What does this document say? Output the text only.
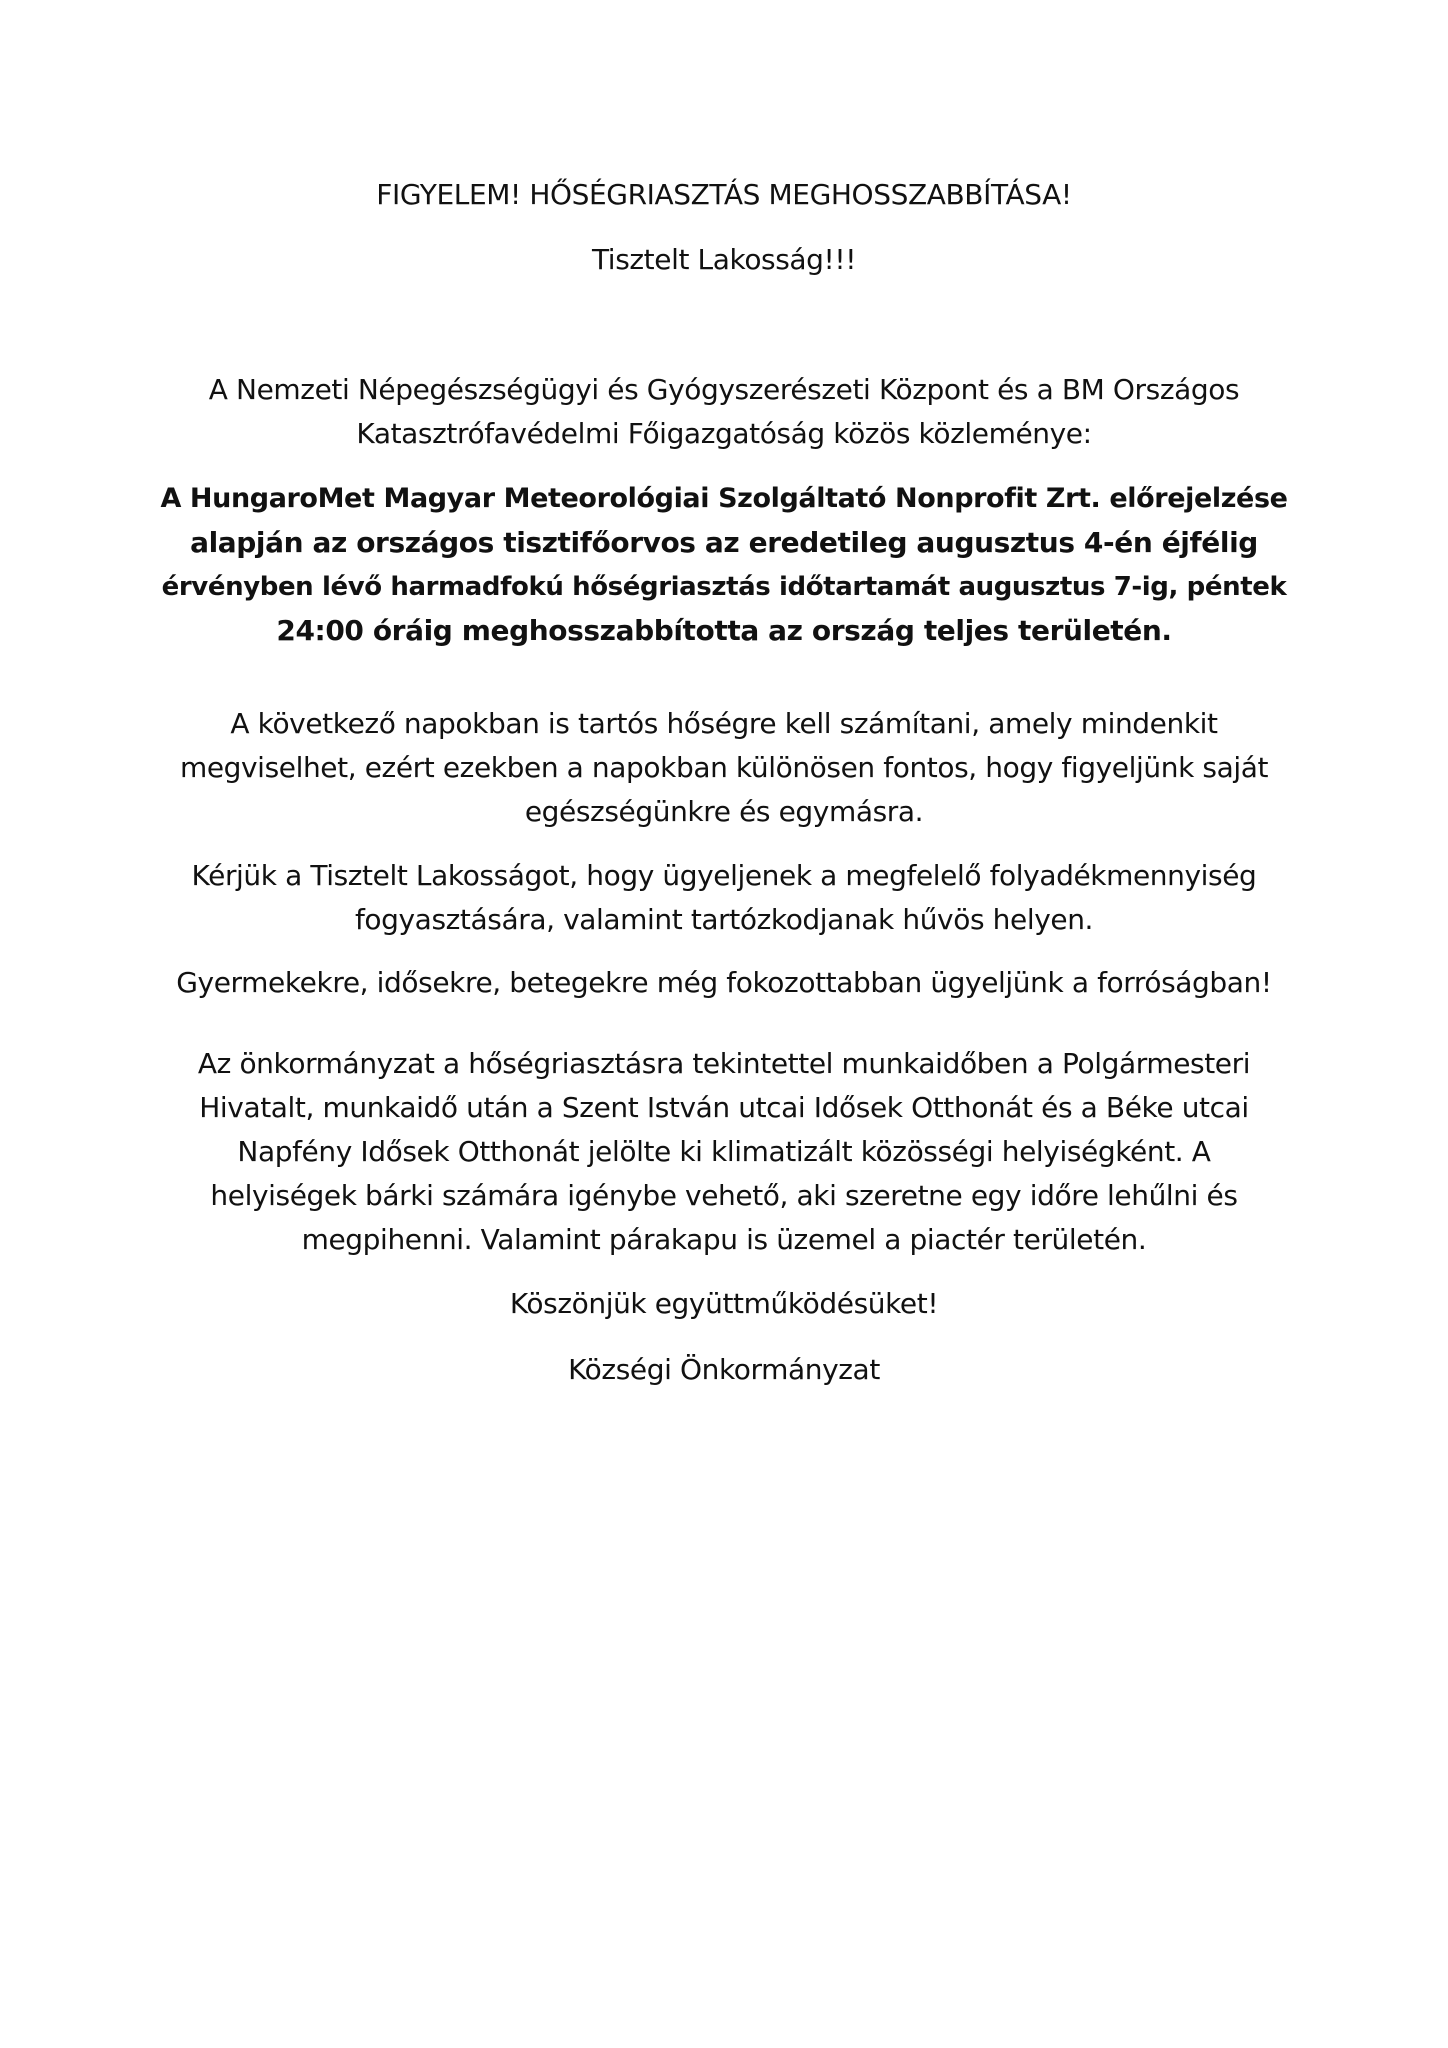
FIGYELEM! HŐSÉGRIASZTÁS MEGHOSSZABBÍTÁSA!

Tisztelt Lakosság!!!

A Nemzeti Népegészségügyi és Gyógyszerészeti Központ és a BM Országos
Katasztrófavédelmi Főigazgatóság közös közleménye:

A HungaroMet Magyar Meteorológiai Szolgáltató Nonprofit Zrt. előrejelzése
alapján az országos tisztifőorvos az eredetileg augusztus 4-én éjfélig
érvényben lévő harmadfokú hőségriasztás időtartamát augusztus 7-ig, péntek
24:00 óráig meghosszabbította az ország teljes területén.

A következő napokban is tartós hőségre kell számítani, amely mindenkit
megviselhet, ezért ezekben a napokban különösen fontos, hogy figyeljünk saját
egészségünkre és egymásra.

Kérjük a Tisztelt Lakosságot, hogy ügyeljenek a megfelelő folyadékmennyiség
fogyasztására, valamint tartózkodjanak hűvös helyen.

Gyermekekre, idősekre, betegekre még fokozottabban ügyeljünk a forróságban!

Az önkormányzat a hőségriasztásra tekintettel munkaidőben a Polgármesteri
Hivatalt, munkaidő után a Szent István utcai Idősek Otthonát és a Béke utcai
Napfény Idősek Otthonát jelölte ki klimatizált közösségi helyiségként. A
helyiségek bárki számára igénybe vehető, aki szeretne egy időre lehűlni és
megpihenni. Valamint párakapu is üzemel a piactér területén.

Köszönjük együttműködésüket!

Községi Önkormányzat
